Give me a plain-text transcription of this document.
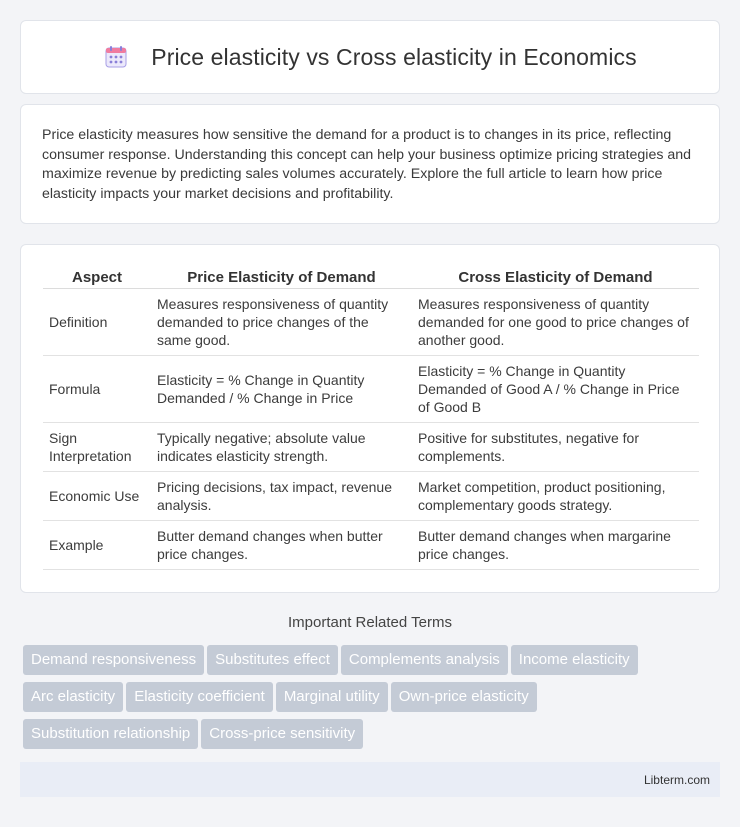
Price elasticity vs Cross elasticity in Economics

Price elasticity measures how sensitive the demand for a product is to changes in its price, reflecting consumer response. Understanding this concept can help your business optimize pricing strategies and maximize revenue by predicting sales volumes accurately. Explore the full article to learn how price elasticity impacts your market decisions and profitability.

Aspect	Price Elasticity of Demand	Cross Elasticity of Demand
Definition	Measures responsiveness of quantity demanded to price changes of the same good.	Measures responsiveness of quantity demanded for one good to price changes of another good.
Formula	Elasticity = % Change in Quantity Demanded / % Change in Price	Elasticity = % Change in Quantity Demanded of Good A / % Change in Price of Good B
Sign Interpretation	Typically negative; absolute value indicates elasticity strength.	Positive for substitutes, negative for complements.
Economic Use	Pricing decisions, tax impact, revenue analysis.	Market competition, product positioning, complementary goods strategy.
Example	Butter demand changes when butter price changes.	Butter demand changes when margarine price changes.
Important Related Terms
Demand responsiveness Substitutes effect Complements analysis Income elasticity
Arc elasticity Elasticity coefficient Marginal utility Own-price elasticity
Substitution relationship Cross-price sensitivity
Libterm.com
